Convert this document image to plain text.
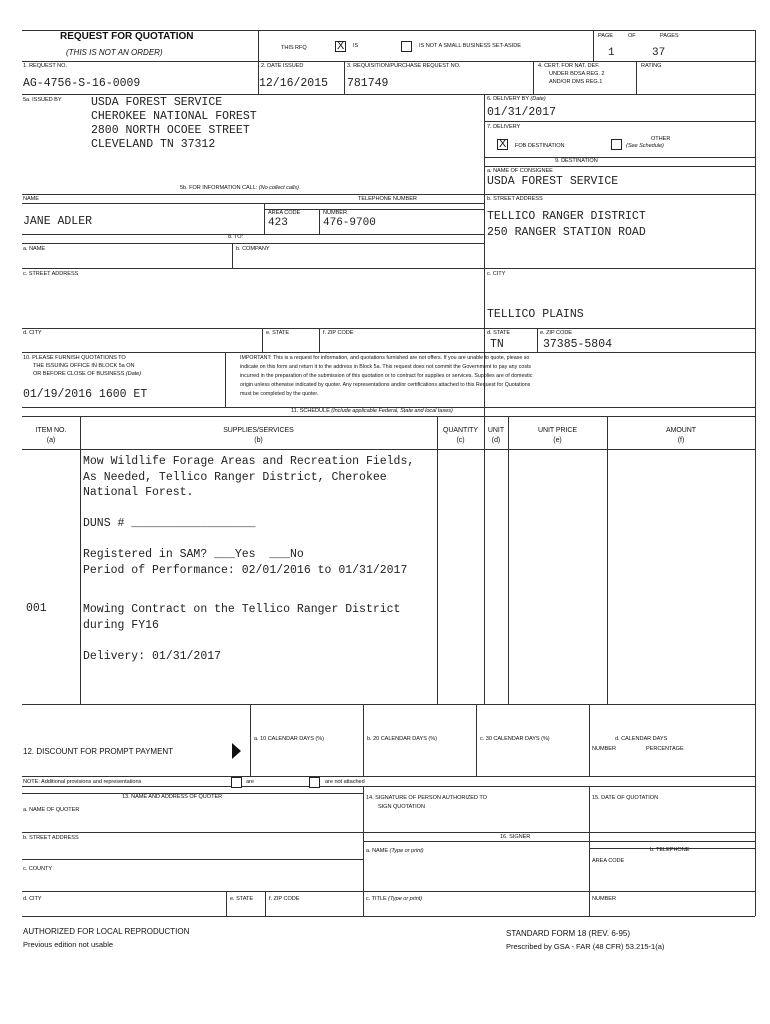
REQUEST FOR QUOTATION
(THIS IS NOT AN ORDER)	THIS RFQ
X	IS	IS NOT A SMALL BUSINESS SET-ASIDE
PAGE	OF	PAGES
1	37
1. REQUEST NO.
AG-4756-S-16-0009
2. DATE ISSUED
12/16/2015
3. REQUISITION/PURCHASE REQUEST NO.
781749
4. CERT. FOR NAT. DEF.
UNDER BDSA REG. 2
AND/OR DMS REG.1
RATING
5a. ISSUED BY	USDA FOREST SERVICE
CHEROKEE NATIONAL FOREST
2800 NORTH OCOEE STREET
CLEVELAND TN 37312
6. DELIVERY BY (Date)
01/31/2017
7. DELIVERY
X
FOB DESTINATION
OTHER
(See Schedule)
9. DESTINATION
a. NAME OF CONSIGNEE
USDA FOREST SERVICE
b. STREET ADDRESS
TELLICO RANGER DISTRICT
250 RANGER STATION ROAD
c. CITY
TELLICO PLAINS
d. STATE
TN
e. ZIP CODE
37385-5804
5b. FOR INFORMATION CALL: (No collect calls)
NAME
JANE ADLER
TELEPHONE NUMBER
AREA CODE
423
NUMBER
476-9700
8. TO:
a. NAME	b. COMPANY
c. STREET ADDRESS
d. CITY	e. STATE	f. ZIP CODE
10. PLEASE FURNISH QUOTATIONS TO
THE ISSUING OFFICE IN BLOCK 5a ON
OR BEFORE CLOSE OF BUSINESS (Date)
01/19/2016 1600 ET
IMPORTANT: This is a request for information, and quotations furnished are not offers. If you are unable to quote, please so
indicate on this form and return it to the address in Block 5a. This request does not commit the Government to pay any costs
incurred in the preparation of the submission of this quotation or to contract for supplies or services. Supplies are of domestic
origin unless otherwise indicated by quoter. Any representations and/or certifications attached to this Request for Quotations
must be completed by the quoter.
11. SCHEDULE (Include applicable Federal, State and local taxes)
ITEM NO.
(a)
SUPPLIES/SERVICES
(b)
QUANTITY
(c)
UNIT
(d)
UNIT PRICE
(e)
AMOUNT
(f)
Mow Wildlife Forage Areas and Recreation Fields,
As Needed, Tellico Ranger District, Cherokee
National Forest.

DUNS # __________________

Registered in SAM? ___Yes  ___No
Period of Performance: 02/01/2016 to 01/31/2017
001	Mowing Contract on the Tellico Ranger District
during FY16

Delivery: 01/31/2017
12. DISCOUNT FOR PROMPT PAYMENT
a. 10 CALENDAR DAYS (%)	b. 20 CALENDAR DAYS (%)	c. 30 CALENDAR DAYS (%)	d. CALENDAR DAYS
NUMBER	PERCENTAGE
NOTE: Additional provisions and representations	are	are not attached
13. NAME AND ADDRESS OF QUOTER
a. NAME OF QUOTER
b. STREET ADDRESS
c. COUNTY
d. CITY	e. STATE	f. ZIP CODE
14. SIGNATURE OF PERSON AUTHORIZED TO
SIGN QUOTATION
15. DATE OF QUOTATION
16. SIGNER
a. NAME (Type or print)	b. TELEPHONE
AREA CODE
c. TITLE (Type or print)	NUMBER
AUTHORIZED FOR LOCAL REPRODUCTION
Previous edition not usable
STANDARD FORM 18 (REV. 6-95)
Prescribed by GSA - FAR (48 CFR) 53.215-1(a)
